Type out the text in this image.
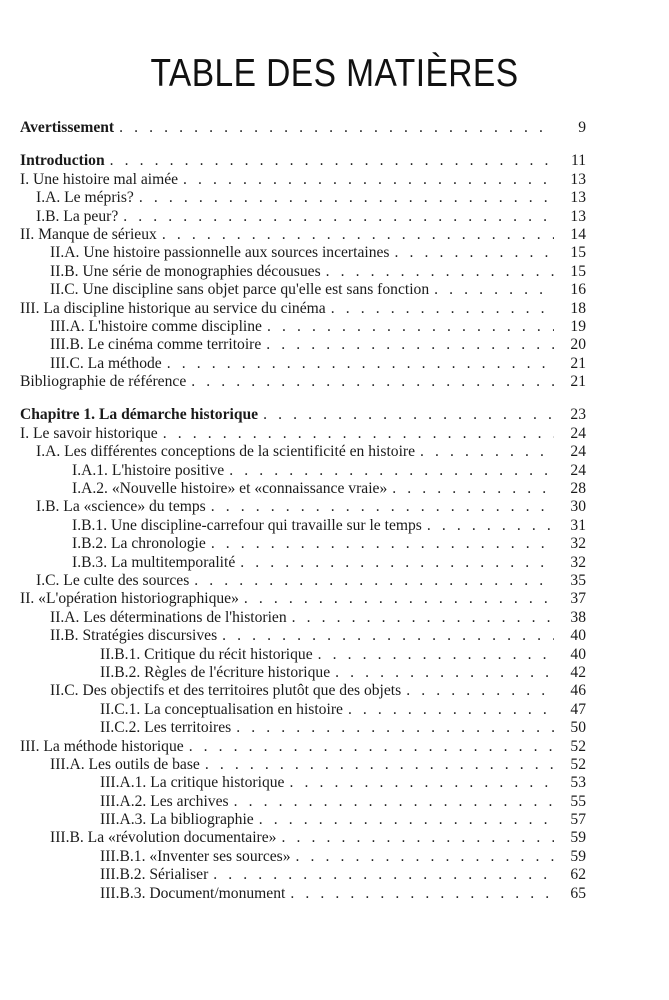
TABLE DES MATIÈRES
Avertissement . . .	9
Introduction . . .	11
I. Une histoire mal aimée . . .	13
I.A. Le mépris? . . .	13
I.B. La peur? . . .	13
II. Manque de sérieux . . .	14
II.A. Une histoire passionnelle aux sources incertaines . . .	15
II.B. Une série de monographies décousues . . .	15
II.C. Une discipline sans objet parce qu'elle est sans fonction . . .	16
III. La discipline historique au service du cinéma . . .	18
III.A. L'histoire comme discipline . . .	19
III.B. Le cinéma comme territoire . . .	20
III.C. La méthode . . .	21
Bibliographie de référence . . .	21
Chapitre 1. La démarche historique . . .	23
I. Le savoir historique . . .	24
I.A. Les différentes conceptions de la scientificité en histoire . . .	24
I.A.1. L'histoire positive . . .	24
I.A.2. «Nouvelle histoire» et «connaissance vraie» . . .	28
I.B. La «science» du temps . . .	30
I.B.1. Une discipline-carrefour qui travaille sur le temps . . .	31
I.B.2. La chronologie . . .	32
I.B.3. La multitemporalité . . .	32
I.C. Le culte des sources . . .	35
II. «L'opération historiographique» . . .	37
II.A. Les déterminations de l'historien . . .	38
II.B. Stratégies discursives . . .	40
II.B.1. Critique du récit historique . . .	40
II.B.2. Règles de l'écriture historique . . .	42
II.C. Des objectifs et des territoires plutôt que des objets . . .	46
II.C.1. La conceptualisation en histoire . . .	47
II.C.2. Les territoires . . .	50
III. La méthode historique . . .	52
III.A. Les outils de base . . .	52
III.A.1. La critique historique . . .	53
III.A.2. Les archives . . .	55
III.A.3. La bibliographie . . .	57
III.B. La «révolution documentaire» . . .	59
III.B.1. «Inventer ses sources» . . .	59
III.B.2. Sérialiser . . .	62
III.B.3. Document/monument . . .	65
